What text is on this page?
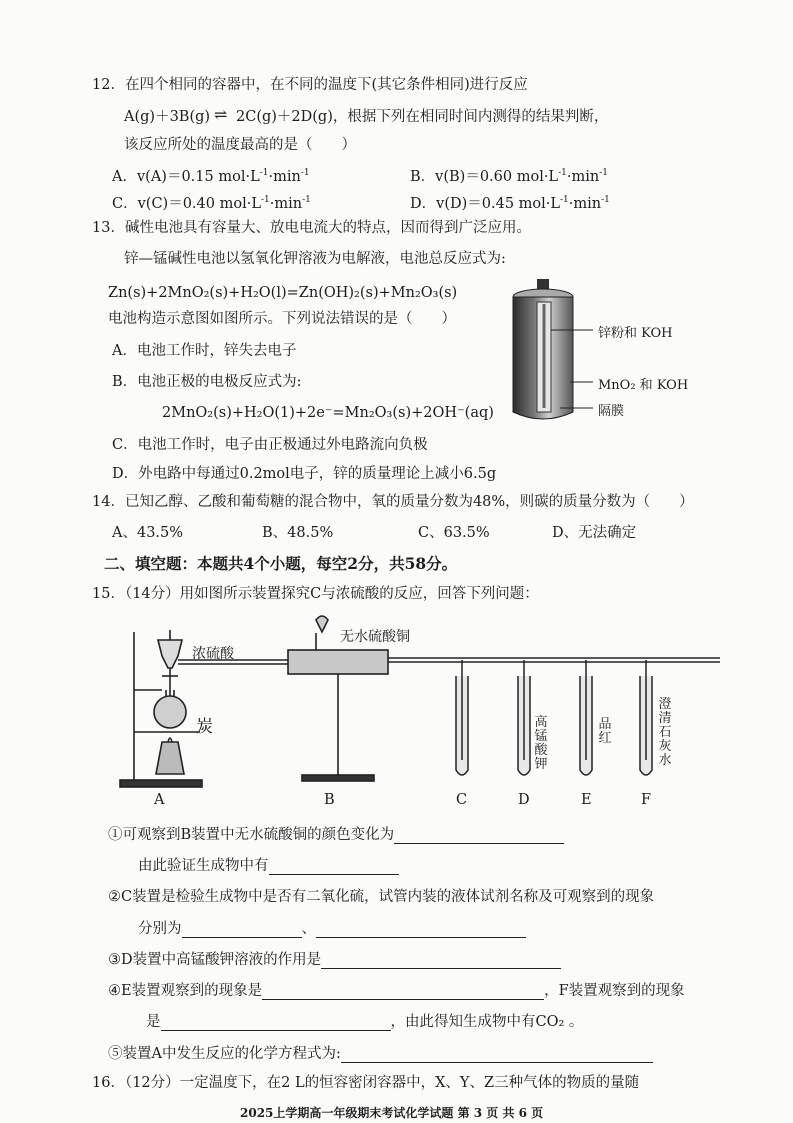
12．在四个相同的容器中，在不同的温度下(其它条件相同)进行反应
A(g)＋3B(g) ⇌ 2C(g)＋2D(g)，根据下列在相同时间内测得的结果判断，
该反应所处的温度最高的是（　　）
A．v(A)＝0.15 $mol\cdot L^{-1}\cdot\min^{-1}$	B．v(B)＝0.60 $mol\cdot L^{-1}\cdot\min^{-1}$
C．v(C)＝0.40 $mol\cdot L^{-1}\cdot\min^{-1}$	D．v(D)＝0.45 $mol\cdot L^{-1}\cdot\min^{-1}$
13．碱性电池具有容量大、放电电流大的特点，因而得到广泛应用。
锌—锰碱性电池以氢氧化钾溶液为电解液，电池总反应式为:
Zn(s)+2MnO₂(s)+H₂O(l)=Zn(OH)₂(s)+Mn₂O₃(s)
电池构造示意图如图所示。下列说法错误的是（　　）
A．电池工作时，锌失去电子
B．电池正极的电极反应式为:
2MnO₂(s)+H₂O(1)+2e⁻=Mn₂O₃(s)+2OH⁻(aq)
C．电池工作时，电子由正极通过外电路流向负极
D．外电路中每通过0.2mol电子，锌的质量理论上减小6.5g
锌粉和 KOH
MnO₂ 和 KOH
隔膜
14．已知乙醇、乙酸和葡萄糖的混合物中，氧的质量分数为48%，则碳的质量分数为（　　）
A、43.5%	B、48.5%	C、63.5%	D、无法确定
二、填空题：本题共4个小题，每空2分，共58分。
15．（14分）用如图所示装置探究C与浓硫酸的反应，回答下列问题：
浓硫酸
无水硫酸铜
炭	高锰酸钾
品红
澄清石灰水
A	B	C	D	E	F
①可观察到B装置中无水硫酸铜的颜色变化为
由此验证生成物中有
②C装置是检验生成物中是否有二氧化硫，试管内装的液体试剂名称及可观察到的现象
分别为	、
③D装置中高锰酸钾溶液的作用是
④E装置观察到的现象是	，F装置观察到的现象
是	，由此得知生成物中有CO₂ 。
⑤装置A中发生反应的化学方程式为:
16．（12分）一定温度下，在2 L的恒容密闭容器中，X、Y、Z三种气体的物质的量随
2025上学期高一年级期末考试化学试题 第 3 页 共 6 页
